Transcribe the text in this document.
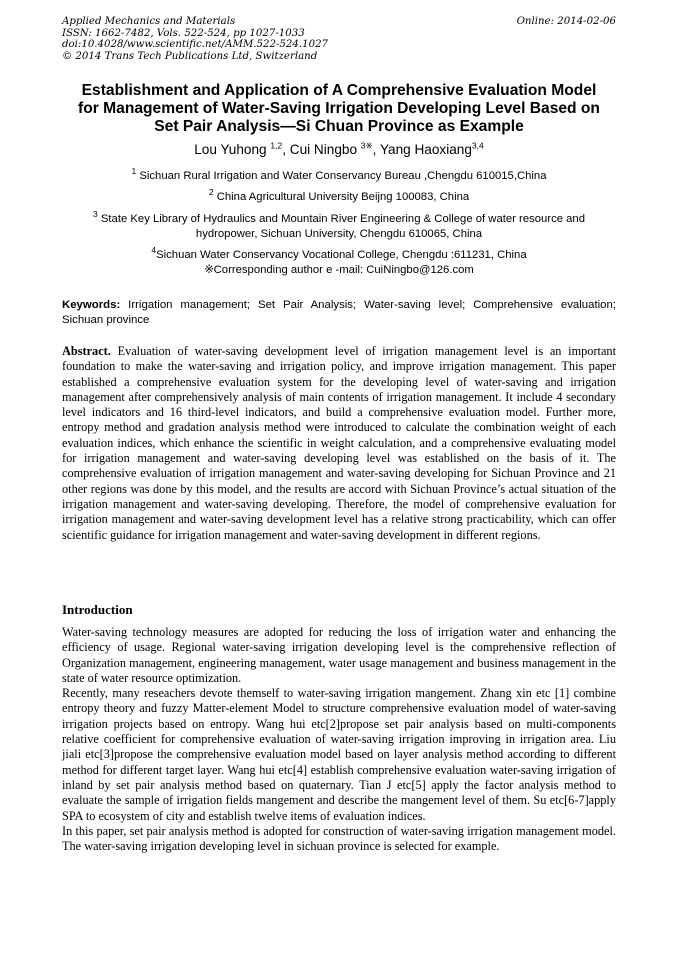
Applied Mechanics and Materials
ISSN: 1662-7482, Vols. 522-524, pp 1027-1033
doi:10.4028/www.scientific.net/AMM.522-524.1027
© 2014 Trans Tech Publications Ltd, Switzerland
Online: 2014-02-06
Establishment and Application of A Comprehensive Evaluation Model
for Management of Water-Saving Irrigation Developing Level Based on
Set Pair Analysis—Si Chuan Province as Example
Lou Yuhong $^{1,2}$, Cui Ningbo $^{3※}$, Yang Haoxiang$^{3,4}$
$^1$ Sichuan Rural Irrigation and Water Conservancy Bureau ,Chengdu 610015,China
$^2$ China Agricultural University Beijng 100083, China
$^3$ State Key Library of Hydraulics and Mountain River Engineering & College of water resource and
hydropower, Sichuan University, Chengdu 610065, China
$^4$Sichuan Water Conservancy Vocational College, Chengdu :611231, China
※Corresponding author e -mail: CuiNingbo@126.com
Keywords: Irrigation management; Set Pair Analysis; Water-saving level; Comprehensive evaluation; Sichuan province
Abstract. Evaluation of water-saving development level of irrigation management level is an important foundation to make the water-saving and irrigation policy, and improve irrigation management. This paper established a comprehensive evaluation system for the developing level of water-saving and irrigation management after comprehensively analysis of main contents of irrigation management. It include 4 secondary level indicators and 16 third-level indicators, and build a comprehensive evaluation model. Further more, entropy method and gradation analysis method were introduced to calculate the combination weight of each evaluation indices, which enhance the scientific in weight calculation, and a comprehensive evaluating model for irrigation management and water-saving developing level was established on the basis of it. The comprehensive evaluation of irrigation management and water-saving developing for Sichuan Province and 21 other regions was done by this model, and the results are accord with Sichuan Province’s actual situation of the irrigation management and water-saving developing. Therefore, the model of comprehensive evaluation for irrigation management and water-saving development level has a relative strong practicability, which can offer scientific guidance for irrigation management and water-saving development in different regions.
Introduction

Water-saving technology measures are adopted for reducing the loss of irrigation water and enhancing the efficiency of usage. Regional water-saving irrigation developing level is the comprehensive reflection of Organization management, engineering management, water usage management and business management in the state of water resource optimization.

Recently, many reseachers devote themself to water-saving irrigation mangement. Zhang xin etc [1] combine entropy theory and fuzzy Matter-element Model to structure comprehensive evaluation model of water-saving irrigation projects based on entropy. Wang hui etc[2]propose set pair analysis based on multi-components relative coefficient for comprehensive evaluation of water-saving irrigation improving in irrigation area. Liu jiali etc[3]propose the comprehensive evaluation model based on layer analysis method according to different method for different target layer. Wang hui etc[4] establish comprehensive evaluation water-saving irrigation of inland by set pair analysis method based on quaternary. Tian J etc[5] apply the factor analysis method to evaluate the sample of irrigation fields mangement and describe the mangement level of them. Su etc[6-7]apply SPA to ecosystem of city and establish twelve items of evaluation indices.

In this paper, set pair analysis method is adopted for construction of water-saving irrigation management model. The water-saving irrigation developing level in sichuan province is selected for example.
